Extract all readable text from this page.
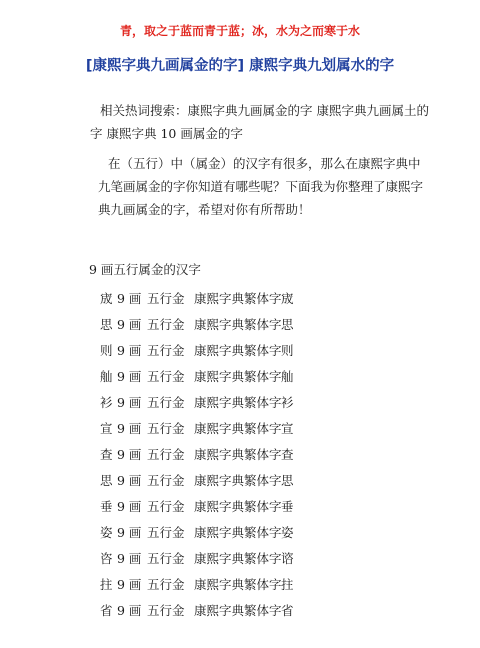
青，取之于蓝而青于蓝；冰，水为之而寒于水
[康熙字典九画属金的字] 康熙字典九划属水的字
相关热词搜索：康熙字典九画属金的字 康熙字典九画属土的字 康熙字典 10 画属金的字
在（五行）中（属金）的汉字有很多，那么在康熙字典中九笔画属金的字你知道有哪些呢？下面我为你整理了康熙字典九画属金的字，希望对你有所帮助！
9 画五行属金的汉字
宬 9 画 五行金 康熙字典繁体字 宬
思 9 画 五行金 康熙字典繁体字 思
则 9 画 五行金 康熙字典繁体字 则
舢 9 画 五行金 康熙字典繁体字 舢
衫 9 画 五行金 康熙字典繁体字 衫
宣 9 画 五行金 康熙字典繁体字 宣
查 9 画 五行金 康熙字典繁体字 查
思 9 画 五行金 康熙字典繁体字 思
垂 9 画 五行金 康熙字典繁体字 垂
姿 9 画 五行金 康熙字典繁体字 姿
咨 9 画 五行金 康熙字典繁体字 谘
拄 9 画 五行金 康熙字典繁体字 拄
省 9 画 五行金 康熙字典繁体字 省
